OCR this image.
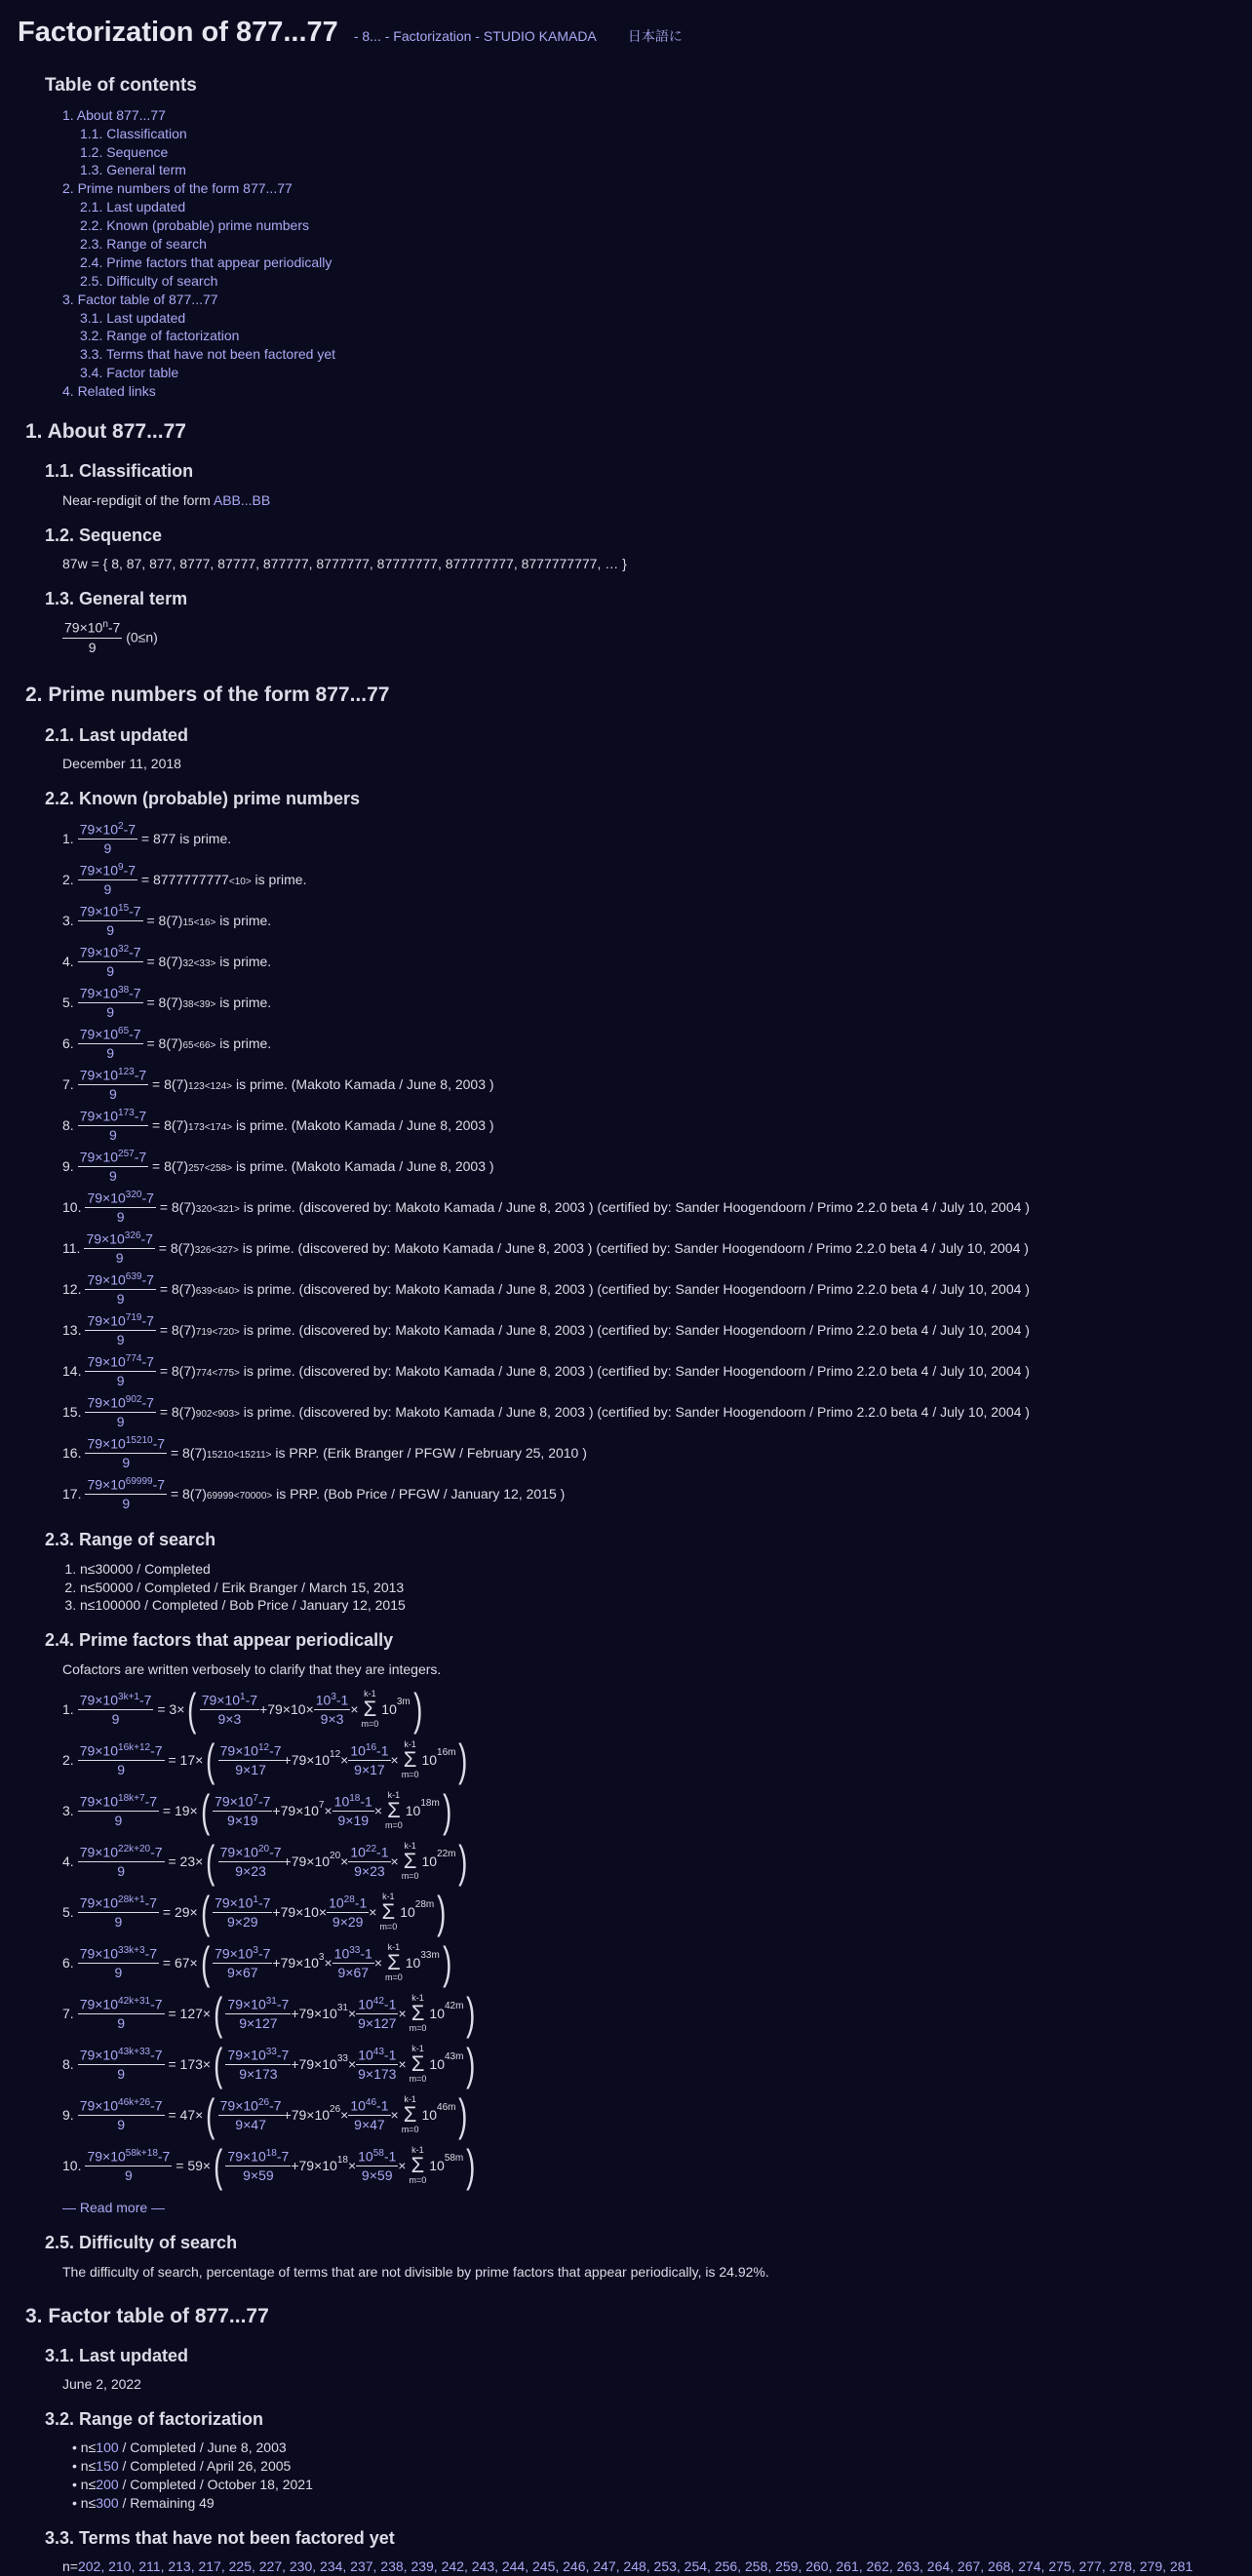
Factorization of 877...77 - 8... - Factorization - STUDIO KAMADA 日本語に
Table of contents
1. About 877...77
1.1. Classification
1.2. Sequence
1.3. General term
2. Prime numbers of the form 877...77
2.1. Last updated
2.2. Known (probable) prime numbers
2.3. Range of search
2.4. Prime factors that appear periodically
2.5. Difficulty of search
3. Factor table of 877...77
3.1. Last updated
3.2. Range of factorization
3.3. Terms that have not been factored yet
3.4. Factor table
4. Related links
1. About 877...77
1.1. Classification
Near-repdigit of the form ABB...BB
1.2. Sequence
87w = { 8, 87, 877, 8777, 87777, 877777, 8777777, 87777777, 877777777, 8777777777, … }
1.3. General term
$\frac{79\times 10^n-7}{9} (0\le n)$
2. Prime numbers of the form 877...77
2.1. Last updated
December 11, 2018
2.2. Known (probable) prime numbers
1. $\frac{79\times 10^2-7}{9} = 877$ is prime.
2. $\frac{79\times 10^9-7}{9} = 8777777777 <10>$ is prime.
3. $\frac{79\times 10^{15}-7}{9} = 8(7)$ 15<16> is prime.
4. $\frac{79\times 10^{32}-7}{9} = 8(7)$ 32<33> is prime.
5. $\frac{79\times 10^{38}-7}{9} = 8(7)$ 38<39> is prime.
6. $\frac{79\times 10^{65}-7}{9} = 8(7)$ 65<66> is prime.
7. $\frac{79\times 10^{123}-7}{9} = 8(7)$ 123<124> is prime. (Makoto Kamada / June 8, 2003 )
8. $\frac{79\times 10^{173}-7}{9} = 8(7)$ 173<174> is prime. (Makoto Kamada / June 8, 2003 )
9. $\frac{79\times 10^{257}-7}{9} = 8(7)$ 257<258> is prime. (Makoto Kamada / June 8, 2003 )
10. $\frac{79\times 10^{320}-7}{9} = 8(7)$ 320<321> is prime. (discovered by: Makoto Kamada / June 8, 2003 ) (certified by: Sander Hoogendoorn / Primo 2.2.0 beta 4 / July 10, 2004 )
11. $\frac{79\times 10^{326}-7}{9} = 8(7)$ 326<327> is prime. (discovered by: Makoto Kamada / June 8, 2003 ) (certified by: Sander Hoogendoorn / Primo 2.2.0 beta 4 / July 10, 2004 )
12. $\frac{79\times 10^{639}-7}{9} = 8(7)$ 639<640> is prime. (discovered by: Makoto Kamada / June 8, 2003 ) (certified by: Sander Hoogendoorn / Primo 2.2.0 beta 4 / July 10, 2004 )
13. $\frac{79\times 10^{719}-7}{9} = 8(7)$ 719<720> is prime. (discovered by: Makoto Kamada / June 8, 2003 ) (certified by: Sander Hoogendoorn / Primo 2.2.0 beta 4 / July 10, 2004 )
14. $\frac{79\times 10^{774}-7}{9} = 8(7)$ 774<775> is prime. (discovered by: Makoto Kamada / June 8, 2003 ) (certified by: Sander Hoogendoorn / Primo 2.2.0 beta 4 / July 10, 2004 )
15. $\frac{79\times 10^{902}-7}{9} = 8(7)$ 902<903> is prime. (discovered by: Makoto Kamada / June 8, 2003 ) (certified by: Sander Hoogendoorn / Primo 2.2.0 beta 4 / July 10, 2004 )
16. $\frac{79\times 10^{15210}-7}{9} = 8(7)$ 15210<15211> is PRP. (Erik Branger / PFGW / February 25, 2010 )
17. $\frac{79\times 10^{69999}-7}{9} = 8(7)$ 69999<70000> is PRP. (Bob Price / PFGW / January 12, 2015 )
2.3. Range of search
1. n≤30000 / Completed
2. n≤50000 / Completed / Erik Branger / March 15, 2013
3. n≤100000 / Completed / Bob Price / January 12, 2015
2.4. Prime factors that appear periodically
Cofactors are written verbosely to clarify that they are integers.
1. $\frac{79\times 10^{3k+1}-7}{9} = 3$ × ( $\frac{79\times 10^1-7}{9\times 3} +79\times 10 \times \frac{10^3-1}{9\times 3}$ ×
k-1
Σ
m=0
$10^{3m}$ )
2. $\frac{79\times 10^{16k+12}-7}{9} = 17$ × ( $\frac{79\times 10^{12}-7}{9\times 17} +79\times 10^{12} \times \frac{10^{16}-1}{9\times 17}$ ×
k-1
Σ
m=0
$10^{16m}$ )
3. $\frac{79\times 10^{18k+7}-7}{9} = 19$ × ( $\frac{79\times 10^7-7}{9\times 19} +79\times 10^7 \times \frac{10^{18}-1}{9\times 19}$ ×
k-1
Σ
m=0
$10^{18m}$ )
4. $\frac{79\times 10^{22k+20}-7}{9} = 23$ × ( $\frac{79\times 10^{20}-7}{9\times 23} +79\times 10^{20} \times \frac{10^{22}-1}{9\times 23}$ ×
k-1
Σ
m=0
$10^{22m}$ )
5. $\frac{79\times 10^{28k+1}-7}{9} = 29$ × ( $\frac{79\times 10^1-7}{9\times 29} +79\times 10 \times \frac{10^{28}-1}{9\times 29}$ ×
k-1
Σ
m=0
$10^{28m}$ )
6. $\frac{79\times 10^{33k+3}-7}{9} = 67$ × ( $\frac{79\times 10^3-7}{9\times 67} +79\times 10^3 \times \frac{10^{33}-1}{9\times 67}$ ×
k-1
Σ
m=0
$10^{33m}$ )
7. $\frac{79\times 10^{42k+31}-7}{9} = 127$ × ( $\frac{79\times 10^{31}-7}{9\times 127} +79\times 10^{31} \times \frac{10^{42}-1}{9\times 127}$ ×
k-1
Σ
m=0
$10^{42m}$ )
8. $\frac{79\times 10^{43k+33}-7}{9} = 173$ × ( $\frac{79\times 10^{33}-7}{9\times 173} +79\times 10^{33} \times \frac{10^{43}-1}{9\times 173}$ ×
k-1
Σ
m=0
$10^{43m}$ )
9. $\frac{79\times 10^{46k+26}-7}{9} = 47$ × ( $\frac{79\times 10^{26}-7}{9\times 47} +79\times 10^{26} \times \frac{10^{46}-1}{9\times 47}$ ×
k-1
Σ
m=0
$10^{46m}$ )
10. $\frac{79\times 10^{58k+18}-7}{9} = 59$ × ( $\frac{79\times 10^{18}-7}{9\times 59} +79\times 10^{18} \times \frac{10^{58}-1}{9\times 59}$ ×
k-1
Σ
m=0
$10^{58m}$ )
— Read more —
2.5. Difficulty of search
The difficulty of search, percentage of terms that are not divisible by prime factors that appear periodically, is 24.92%.
3. Factor table of 877...77
3.1. Last updated
June 2, 2022
3.2. Range of factorization
• n≤100 / Completed / June 8, 2003
• n≤150 / Completed / April 26, 2005
• n≤200 / Completed / October 18, 2021
• n≤300 / Remaining 49
3.3. Terms that have not been factored yet
n=202, 210, 211, 213, 217, 225, 227, 230, 234, 237, 238, 239, 242, 243, 244, 245, 246, 247, 248, 253, 254, 256, 258, 259, 260, 261, 262, 263, 264, 267, 268, 274, 275, 277, 278, 279, 281
